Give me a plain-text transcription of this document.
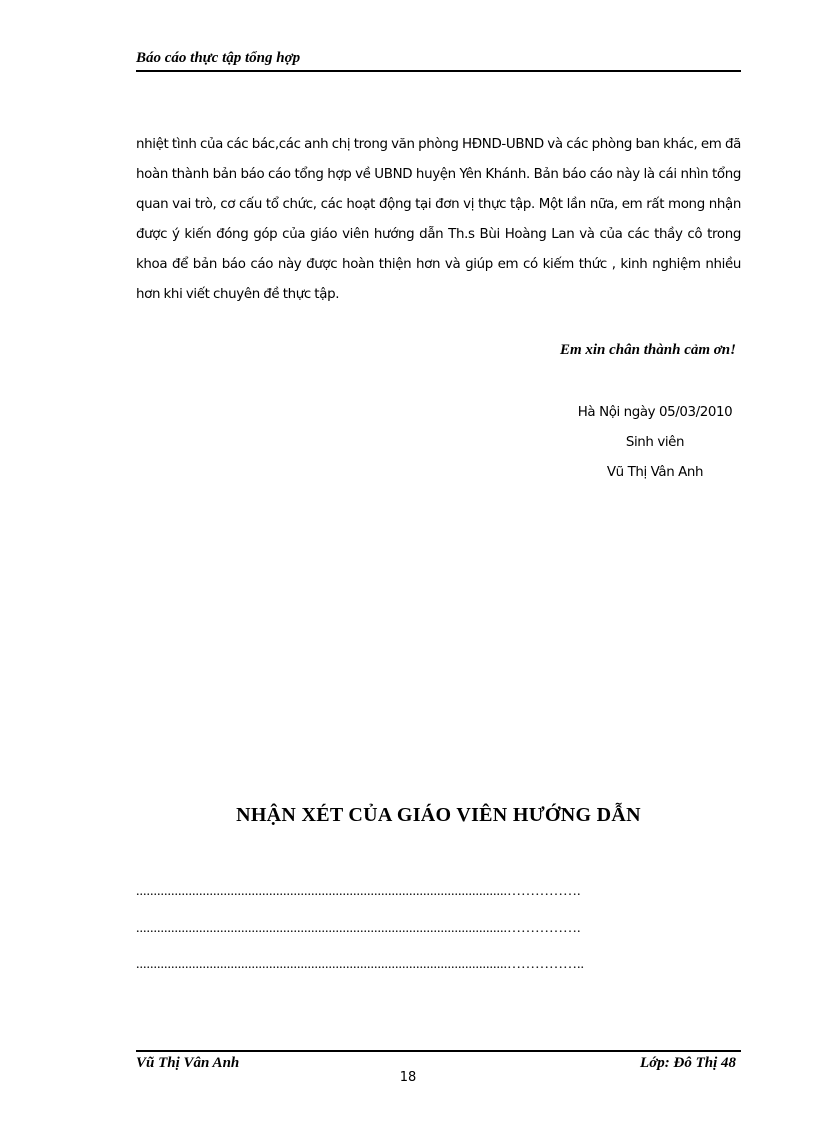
Báo cáo thực tập tổng hợp
nhiệt tình của các bác,các anh chị trong văn phòng HĐND-UBND và các phòng ban khác, em đã hoàn thành bản báo cáo tổng hợp về UBND huyện Yên Khánh. Bản báo cáo này là cái nhìn tổng quan vai trò, cơ cấu tổ chức, các hoạt động tại đơn vị thực tập. Một lần nữa, em rất mong nhận được ý kiến đóng góp của giáo viên hướng dẫn Th.s Bùi Hoàng Lan và của các thầy cô trong khoa để bản báo cáo này được hoàn thiện hơn và giúp em có kiếm thức , kinh nghiệm nhiều hơn khi viết chuyên đề thực tập.
Em xin chân thành cảm ơn!
Hà Nội ngày 05/03/2010
Sinh viên
Vũ Thị Vân Anh
NHẬN XÉT CỦA GIÁO VIÊN HƯỚNG DẪN
..........................................................................................................…………….
..........................................................................................................…………….
..........................................................................................................……………..
Vũ Thị Vân Anh	Lớp: Đô Thị 48
18
